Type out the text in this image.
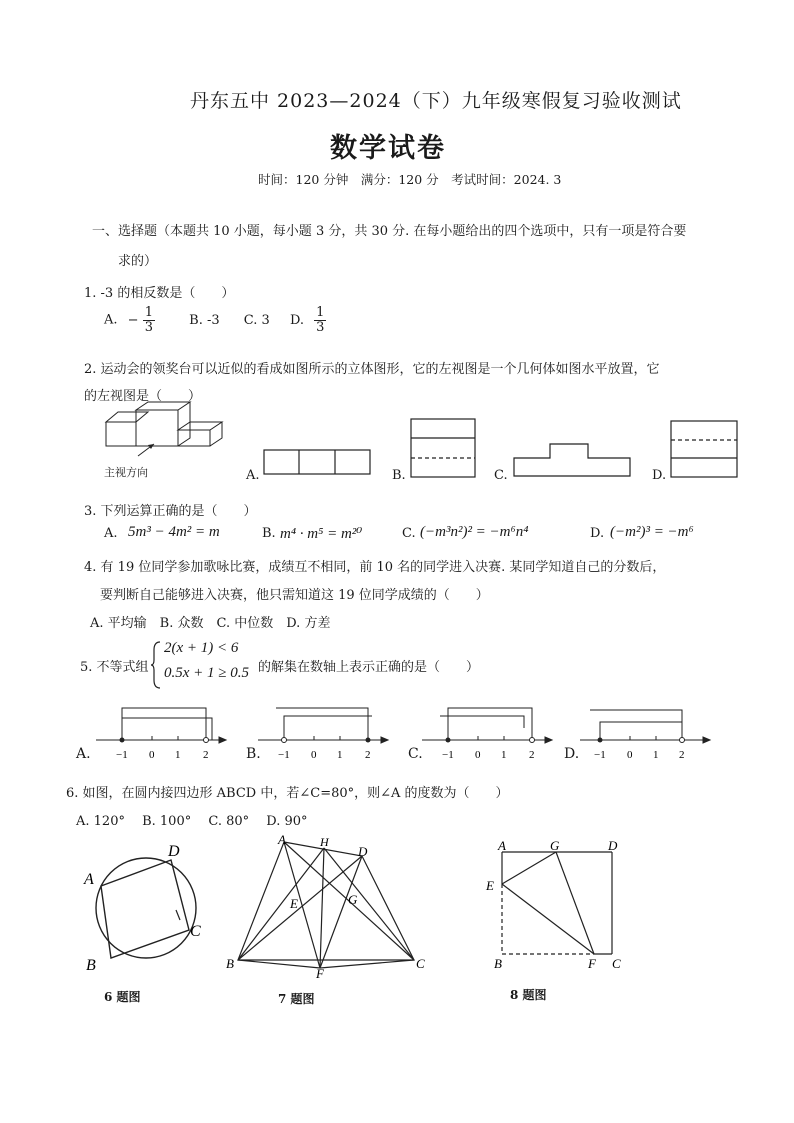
丹东五中 2023—2024（下）九年级寒假复习验收测试
数学试卷
时间：120 分钟　满分：120 分　考试时间：2024. 3
一、选择题（本题共 10 小题，每小题 3 分，共 30 分. 在每小题给出的四个选项中，只有一项是符合要
求的）
1. -3 的相反数是（　　）
A. − $\frac{1}{3}$	B. -3 C. 3 D. $\frac{1}{3}$
2. 运动会的领奖台可以近似的看成如图所示的立体图形，它的左视图是一个几何体如图水平放置，它
的左视图是（　　）
主视方向	A.	B.	C.	D.
3. 下列运算正确的是（　　）
A. 5m³ − 4m² = m	B. m⁴ · m⁵ = m²⁰	C. (−m³n²)² = −m⁶n⁴	D. (−m²)³ = −m⁶
4. 有 19 位同学参加歌咏比赛，成绩互不相同，前 10 名的同学进入决赛. 某同学知道自己的分数后，
要判断自己能够进入决赛，他只需知道这 19 位同学成绩的（　　）
A. 平均输　B. 众数　C. 中位数　D. 方差
5. 不等式组
2(x + 1) < 6
0.5x + 1 ≥ 0.5 的解集在数轴上表示正确的是（　　）
A. −1 0 1 2	B. −1 0 1 2	C. −1 0 1 2 D. −1 0 1 2
6. 如图，在圆内接四边形 ABCD 中，若∠C=80°，则∠A 的度数为（　　）
A. 120°　 B. 100°　 C. 80°　 D. 90°
A
D
C
B
6 题图
A	H
D
E	G
B
F
C
7 题图
A	G	D
E
B	F C
8 题图
